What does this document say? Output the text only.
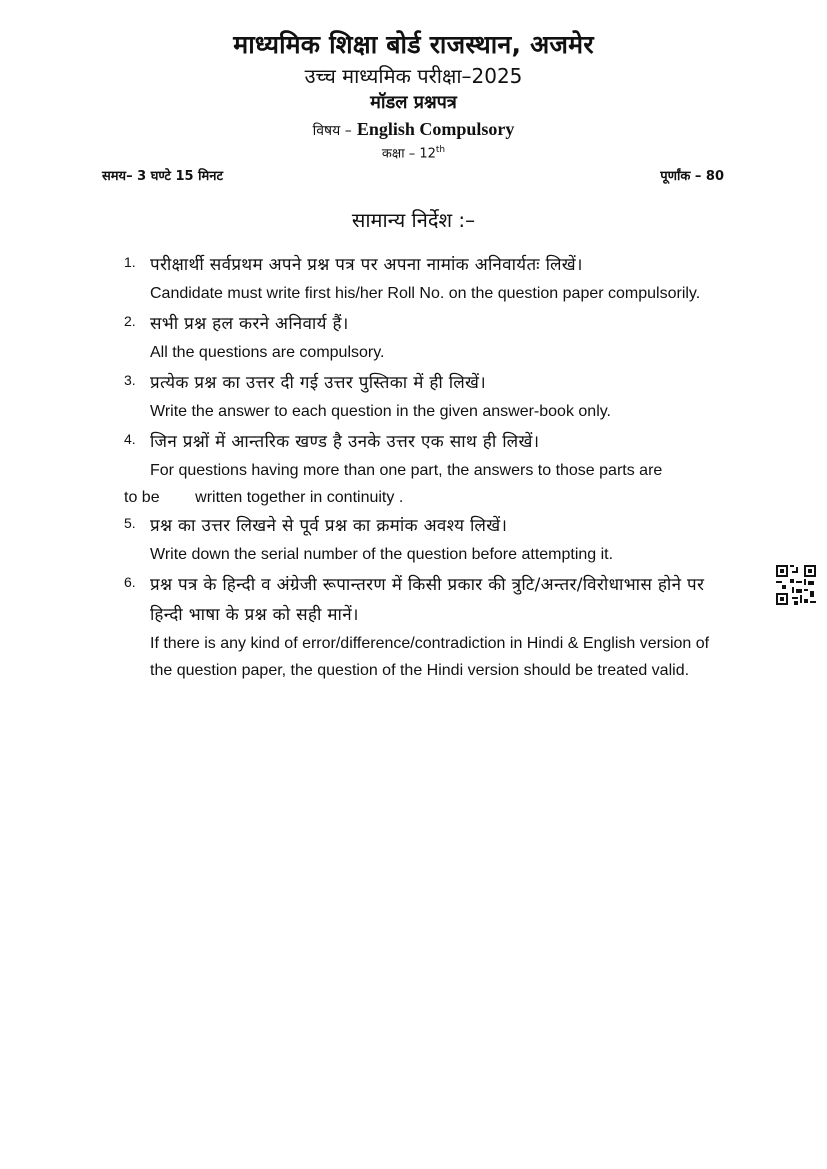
माध्यमिक शिक्षा बोर्ड राजस्थान, अजमेर
उच्च माध्यमिक परीक्षा–2025
मॉडल प्रश्नपत्र
विषय – English Compulsory
कक्षा – 12th
समय– 3 घण्टे 15 मिनट	पूर्णांक – 80
सामान्य निर्देश :–
1. परीक्षार्थी सर्वप्रथम अपने प्रश्न पत्र पर अपना नामांक अनिवार्यतः लिखें।
Candidate must write first his/her Roll No. on the question paper compulsorily.
2. सभी प्रश्न हल करने अनिवार्य हैं।
All the questions are compulsory.
3. प्रत्येक प्रश्न का उत्तर दी गई उत्तर पुस्तिका में ही लिखें।
Write the answer to each question in the given answer-book only.
4. जिन प्रश्नों में आन्तरिक खण्ड है उनके उत्तर एक साथ ही लिखें।
For questions having more than one part, the answers to those parts are
to be        written together in continuity .
5. प्रश्न का उत्तर लिखने से पूर्व प्रश्न का क्रमांक अवश्य लिखें।
Write down the serial number of the question before attempting it.
6. प्रश्न पत्र के हिन्दी व अंग्रेजी रूपान्तरण में किसी प्रकार की त्रुटि/अन्तर/विरोधाभास होने पर हिन्दी भाषा के प्रश्न को सही मानें।
If there is any kind of error/difference/contradiction in Hindi & English version of     the question paper, the question of the Hindi version should be treated valid.
